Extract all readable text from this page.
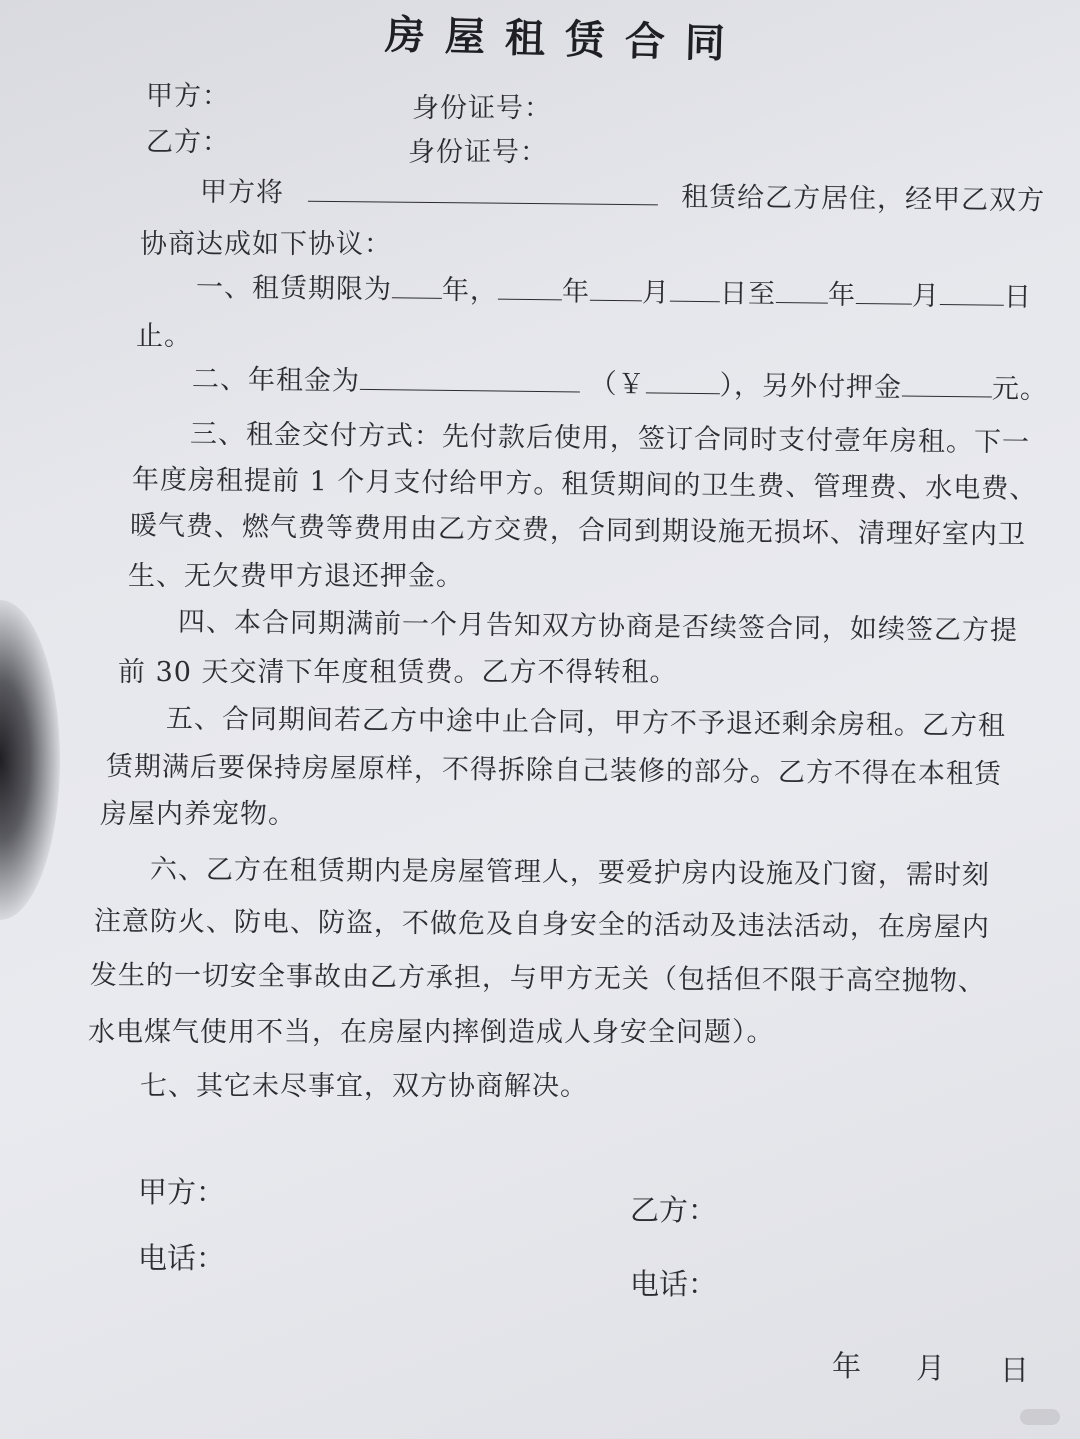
房屋租赁合同
甲方：	身份证号：
乙方：	身份证号：
甲方将	租赁给乙方居住，经甲乙双方
协商达成如下协议：
一、租赁期限为 年， 年 月 日至 年 月 日
止。
二、年租金为	（￥	），另外付押金	元。
三、租金交付方式：先付款后使用，签订合同时支付壹年房租。下一
年度房租提前 1 个月支付给甲方。租赁期间的卫生费、管理费、水电费、
暖气费、燃气费等费用由乙方交费，合同到期设施无损坏、清理好室内卫
生、无欠费甲方退还押金。
四、本合同期满前一个月告知双方协商是否续签合同，如续签乙方提
前 30 天交清下年度租赁费。乙方不得转租。
五、合同期间若乙方中途中止合同，甲方不予退还剩余房租。乙方租
赁期满后要保持房屋原样，不得拆除自己装修的部分。乙方不得在本租赁
房屋内养宠物。
六、乙方在租赁期内是房屋管理人，要爱护房内设施及门窗，需时刻
注意防火、防电、防盗，不做危及自身安全的活动及违法活动，在房屋内
发生的一切安全事故由乙方承担，与甲方无关（包括但不限于高空抛物、
水电煤气使用不当，在房屋内摔倒造成人身安全问题）。
七、其它未尽事宜，双方协商解决。
甲方：
电话：
乙方：
电话：
年 月 日
